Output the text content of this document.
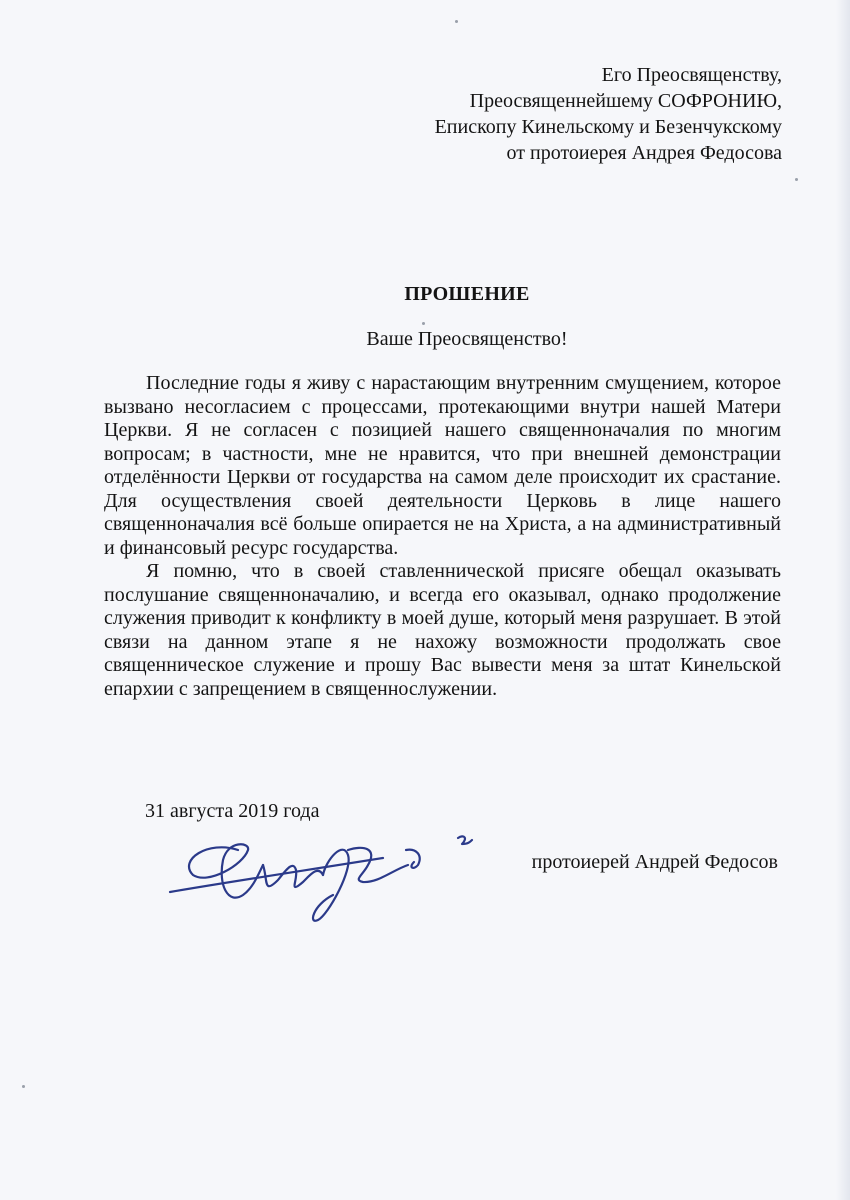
Его Преосвященству,
Преосвященнейшему СОФРОНИЮ,
Епископу Кинельскому и Безенчукскому
от протоиерея Андрея Федосова
ПРОШЕНИЕ
Ваше Преосвященство!

Последние годы я живу с нарастающим внутренним смущением, которое вызвано несогласием с процессами, протекающими внутри нашей Матери Церкви. Я не согласен с позицией нашего священноначалия по многим вопросам; в частности, мне не нравится, что при внешней демонстрации отделённости Церкви от государства на самом деле происходит их срастание. Для осуществления своей деятельности Церковь в лице нашего священноначалия всё больше опирается не на Христа, а на административный и финансовый ресурс государства.

Я помню, что в своей ставленнической присяге обещал оказывать послушание священноначалию, и всегда его оказывал, однако продолжение служения приводит к конфликту в моей душе, который меня разрушает. В этой связи на данном этапе я не нахожу возможности продолжать свое священническое служение и прошу Вас вывести меня за штат Кинельской епархии с запрещением в священнослужении.

31 августа 2019 года
протоиерей Андрей Федосов
